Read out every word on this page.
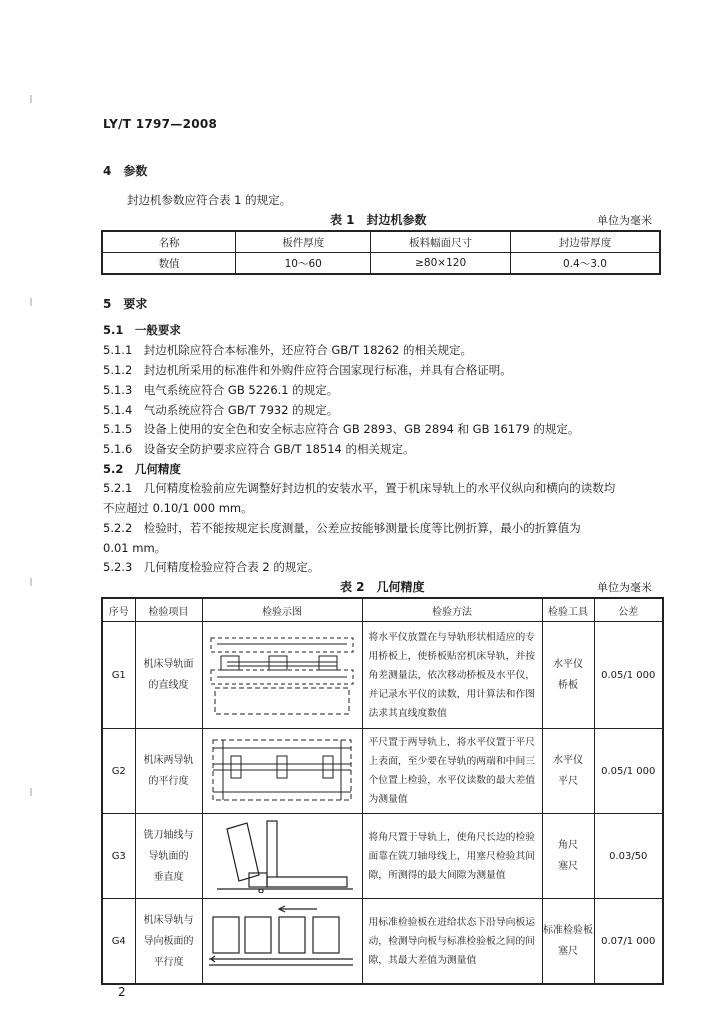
LY/T 1797—2008
4　参数
封边机参数应符合表 1 的规定。
表 1　封边机参数	单位为毫米
名称	板件厚度	板料幅面尺寸	封边带厚度
数值	10～60	≥80×120	0.4～3.0
5　要求
5.1　一般要求
5.1.1　封边机除应符合本标准外，还应符合 GB/T 18262 的相关规定。
5.1.2　封边机所采用的标准件和外购件应符合国家现行标准，并具有合格证明。
5.1.3　电气系统应符合 GB 5226.1 的规定。
5.1.4　气动系统应符合 GB/T 7932 的规定。
5.1.5　设备上使用的安全色和安全标志应符合 GB 2893、GB 2894 和 GB 16179 的规定。
5.1.6　设备安全防护要求应符合 GB/T 18514 的相关规定。
5.2　几何精度
5.2.1　几何精度检验前应先调整好封边机的安装水平，置于机床导轨上的水平仪纵向和横向的读数均
不应超过 0.10/1 000 mm。
5.2.2　检验时，若不能按规定长度测量，公差应按能够测量长度等比例折算，最小的折算值为
0.01 mm。
5.2.3　几何精度检验应符合表 2 的规定。
表 2　几何精度	单位为毫米
序号	检验项目	检验示图	检验方法	检验工具	公差
G1	机床导轨面
的直线度		将水平仪放置在与导轨形状相适应的专用桥板上，使桥板贴窑机床导轨，并按角差测量法，依次移动桥板及水平仪，并记录水平仪的读数，用计算法和作图法求其直线度数值	水平仪
桥板	0.05/1 000
G2	机床两导轨
的平行度		平尺置于两导轨上，将水平仪置于平尺上表面，至少要在导轨的两端和中间三个位置上检验，水平仪读数的最大差值为测量值	水平仪
平尺	0.05/1 000
G3	铣刀轴线与
导轨面的
垂直度		将角尺置于导轨上，使角尺长边的检验面靠在铣刀轴母线上，用塞尺检验其间隙，所测得的最大间隙为测量值	角尺
塞尺	0.03/50
G4	机床导轨与
导向板面的
平行度		用标准检验板在进给状态下沿导向板运动，检测导向板与标准检验板之间的间隙，其最大差值为测量值	标准检验板
塞尺	0.07/1 000
2
